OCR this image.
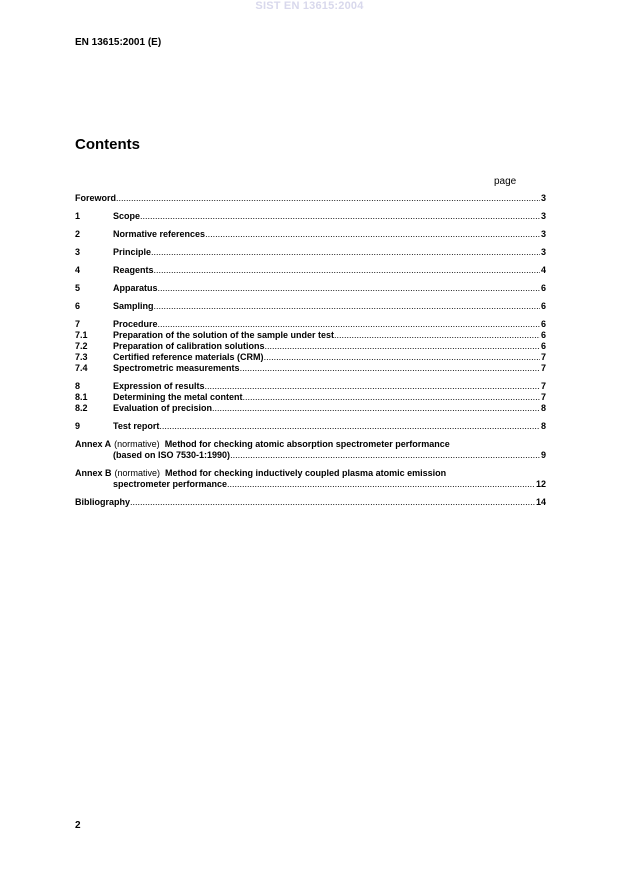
SIST EN 13615:2004
EN 13615:2001 (E)
Contents
page
Foreword .....	3
1	Scope .....	3
2	Normative references .....	3
3	Principle .....	3
4	Reagents .....	4
5	Apparatus .....	6
6	Sampling .....	6
7	Procedure .....	6
7.1	Preparation of the solution of the sample under test .....	6
7.2	Preparation of calibration solutions .....	6
7.3	Certified reference materials (CRM) .....	7
7.4	Spectrometric measurements .....	7
8	Expression of results .....	7
8.1	Determining the metal content .....	7
8.2	Evaluation of precision .....	8
9	Test report .....	8
Annex A (normative) Method for checking atomic absorption spectrometer performance
(based on ISO 7530-1:1990) .....	9
Annex B (normative) Method for checking inductively coupled plasma atomic emission
spectrometer performance .....	12
Bibliography .....	14
2
